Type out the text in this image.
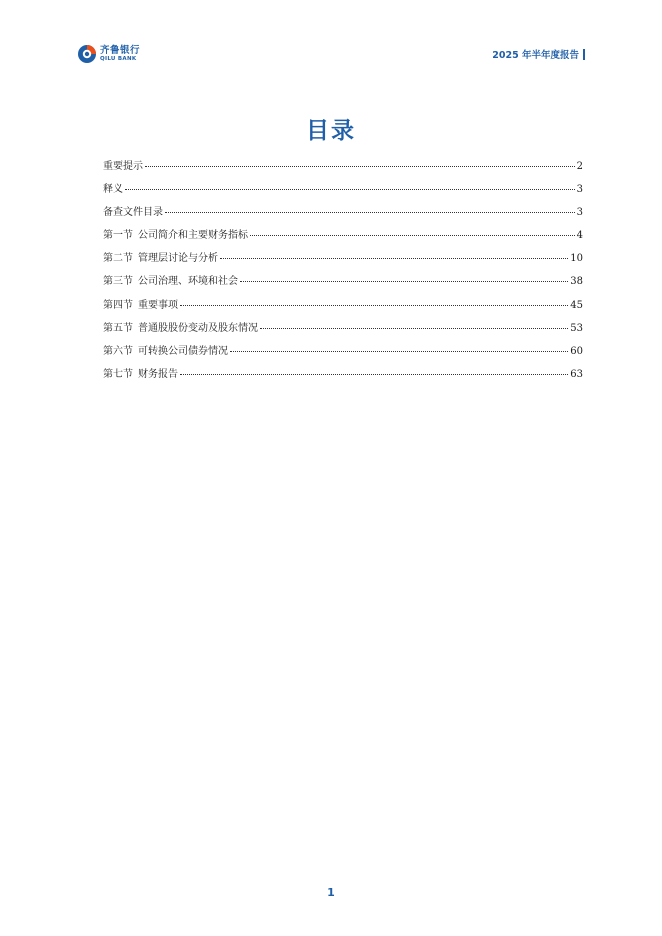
齐鲁银行
QILU BANK	2025 年半年度报告
目录
重要提示	2
释义	3
备查文件目录	3
第一节 公司简介和主要财务指标	4
第二节 管理层讨论与分析	10
第三节 公司治理、环境和社会	38
第四节 重要事项	45
第五节 普通股股份变动及股东情况	53
第六节 可转换公司债券情况	60
第七节 财务报告	63
1
